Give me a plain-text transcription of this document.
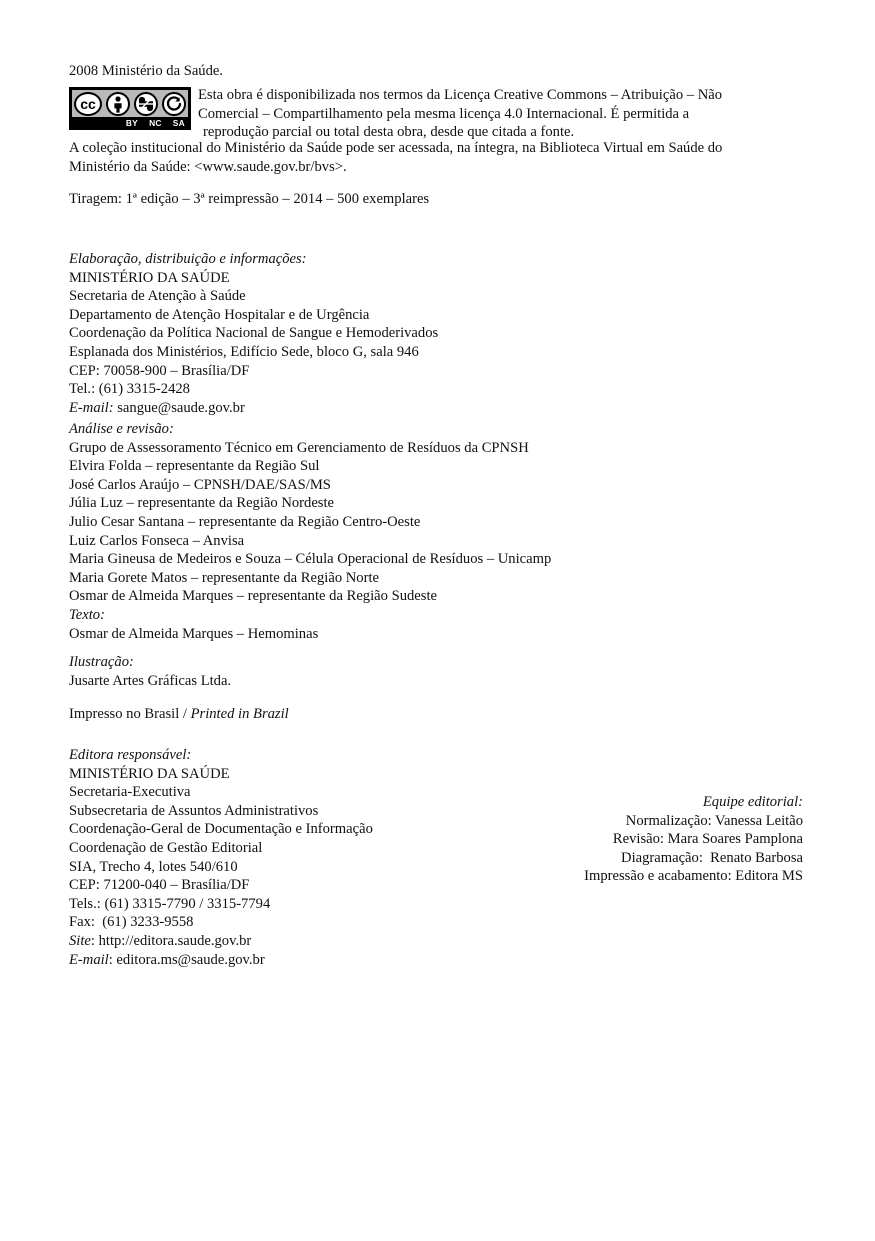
2008 Ministério da Saúde.
cc
BY NC SA
Esta obra é disponibilizada nos termos da Licença Creative Commons – Atribuição – Não
Comercial – Compartilhamento pela mesma licença 4.0 Internacional. É permitida a
reprodução parcial ou total desta obra, desde que citada a fonte.
A coleção institucional do Ministério da Saúde pode ser acessada, na íntegra, na Biblioteca Virtual em Saúde do
Ministério da Saúde: <www.saude.gov.br/bvs>.
Tiragem: 1ª edição – 3ª reimpressão – 2014 – 500 exemplares
Elaboração, distribuição e informações:
MINISTÉRIO DA SAÚDE
Secretaria de Atenção à Saúde
Departamento de Atenção Hospitalar e de Urgência
Coordenação da Política Nacional de Sangue e Hemoderivados
Esplanada dos Ministérios, Edifício Sede, bloco G, sala 946
CEP: 70058-900 – Brasília/DF
Tel.: (61) 3315-2428
E-mail: sangue@saude.gov.br
Análise e revisão:
Grupo de Assessoramento Técnico em Gerenciamento de Resíduos da CPNSH
Elvira Folda – representante da Região Sul
José Carlos Araújo – CPNSH/DAE/SAS/MS
Júlia Luz – representante da Região Nordeste
Julio Cesar Santana – representante da Região Centro-Oeste
Luiz Carlos Fonseca – Anvisa
Maria Gineusa de Medeiros e Souza – Célula Operacional de Resíduos – Unicamp
Maria Gorete Matos – representante da Região Norte
Osmar de Almeida Marques – representante da Região Sudeste
Texto:
Osmar de Almeida Marques – Hemominas
Ilustração:
Jusarte Artes Gráficas Ltda.
Impresso no Brasil / Printed in Brazil
Editora responsável:
MINISTÉRIO DA SAÚDE
Secretaria-Executiva
Subsecretaria de Assuntos Administrativos
Coordenação-Geral de Documentação e Informação
Coordenação de Gestão Editorial
SIA, Trecho 4, lotes 540/610
CEP: 71200-040 – Brasília/DF
Tels.: (61) 3315-7790 / 3315-7794
Fax:  (61) 3233-9558
Site: http://editora.saude.gov.br
E-mail: editora.ms@saude.gov.br
Equipe editorial:
Normalização: Vanessa Leitão
Revisão: Mara Soares Pamplona
Diagramação:  Renato Barbosa
Impressão e acabamento: Editora MS
